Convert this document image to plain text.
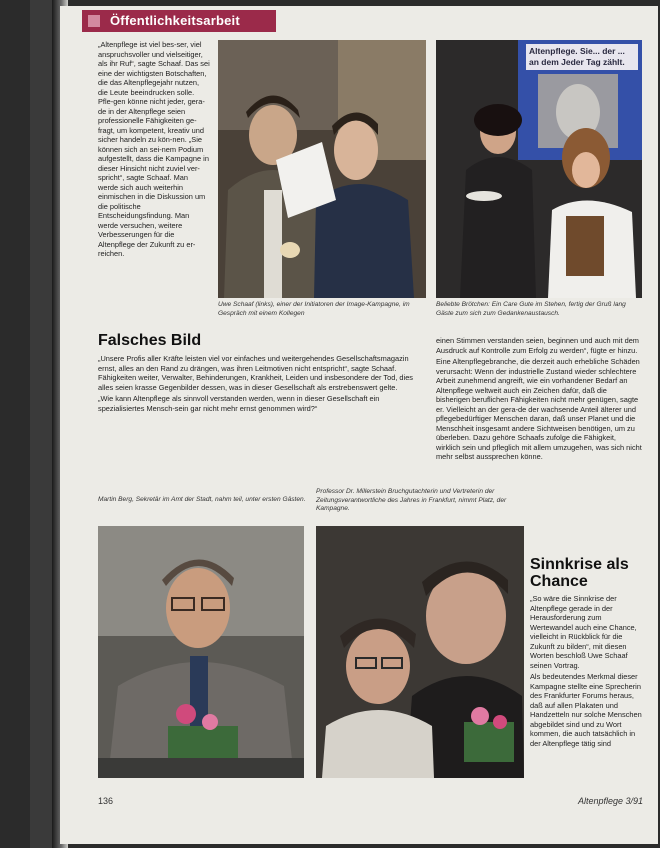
Öffentlichkeitsarbeit

„Altenpflege ist viel bes-ser, viel anspruchsvoller und vielseitiger, als ihr Ruf“, sagte Schaaf. Das sei eine der wichtigsten Botschaften, die das Altenpflegejahr nutzen, die Leute beeindrucken solle. Pfle-gen könne nicht jeder, gera-de in der Altenpflege seien professionelle Fähigkeiten ge-fragt, um kompetent, kreativ und sicher handeln zu kön-nen. „Sie können sich an sei-nem Podium aufgestellt, dass die Kampagne in dieser Hinsicht nicht zuviel ver-spricht“, sagte Schaaf. Man werde sich auch weiterhin einmischen in die Diskussion um die politische Entscheidungsfindung. Man werde versuchen, weitere Verbesserungen für die Altenpflege der Zukunft zu er-reichen.

Uwe Schaaf (links), einer der Initiatoren der Image-Kampagne, im Gespräch mit einem Kollegen
Altenpflege. Sie... der ...
an dem Jeder Tag zählt.
Beliebte Brötchen: Ein Care Gute im Stehen, fertig der Gruß lang Gäste zum sich zum Gedankenaustausch.
Falsches Bild

„Unsere Profis aller Kräfte leisten viel vor einfaches und weitergehendes Gesellschaftsmagazin ernst, alles an den Rand zu drängen, was ihren Leitmotiven nicht entspricht“, sagte Schaaf. Fähigkeiten weiter, Verwalter, Behinderungen, Krankheit, Leiden und insbesondere der Tod, dies alles seien krasse Gegenbilder dessen, was in dieser Gesellschaft als erstrebenswert gelte.

„Wie kann Altenpflege als sinnvoll verstanden werden, wenn in dieser Gesellschaft ein spezialisiertes Mensch-sein gar nicht mehr ernst genommen wird?“

einen Stimmen verstanden seien, beginnen und auch mit dem Ausdruck auf Kontrolle zum Erfolg zu werden“, fügte er hinzu.

Eine Altenpflegebranche, die derzeit auch erhebliche Schäden verursacht: Wenn der industrielle Zustand wieder schlechtere Arbeit zunehmend angreift, wie ein vorhandener Bedarf an Altenpflege weltweit auch ein Zeichen dafür, daß die bisherigen beruflichen Fähigkeiten nicht mehr genügen, sagte er. Vielleicht an der gera-de der wachsende Anteil älterer und pflegebedürftiger Menschen daran, daß unser Planet und die Menschheit insgesamt andere Sichtweisen benötigen, um zu überleben. Dazu gehöre Schaafs zufolge die Fähigkeit, wirklich sein und pfleglich mit allem umzugehen, was sich nicht mehr selbst aussprechen könne.

Martin Berg, Sekretär im Amt der Stadt, nahm teil, unter ersten Gästen.
Professor Dr. Millerstein Bruchgutachterin und Vertreterin der Zeitungsverantwortliche des Jahres in Frankfurt, nimmt Platz, der Kampagne.
Sinnkrise als Chance

„So wäre die Sinnkrise der Altenpflege gerade in der Herausforderung zum Wertewandel auch eine Chance, vielleicht in Rückblick für die Zukunft zu bilden“, mit diesen Worten beschloß Uwe Schaaf seinen Vortrag.

Als bedeutendes Merkmal dieser Kampagne stellte eine Sprecherin des Frankfurter Forums heraus, daß auf allen Plakaten und Handzetteln nur solche Menschen abgebildet sind und zu Wort kommen, die auch tatsächlich in der Altenpflege tätig sind

136	Altenpflege 3/91
